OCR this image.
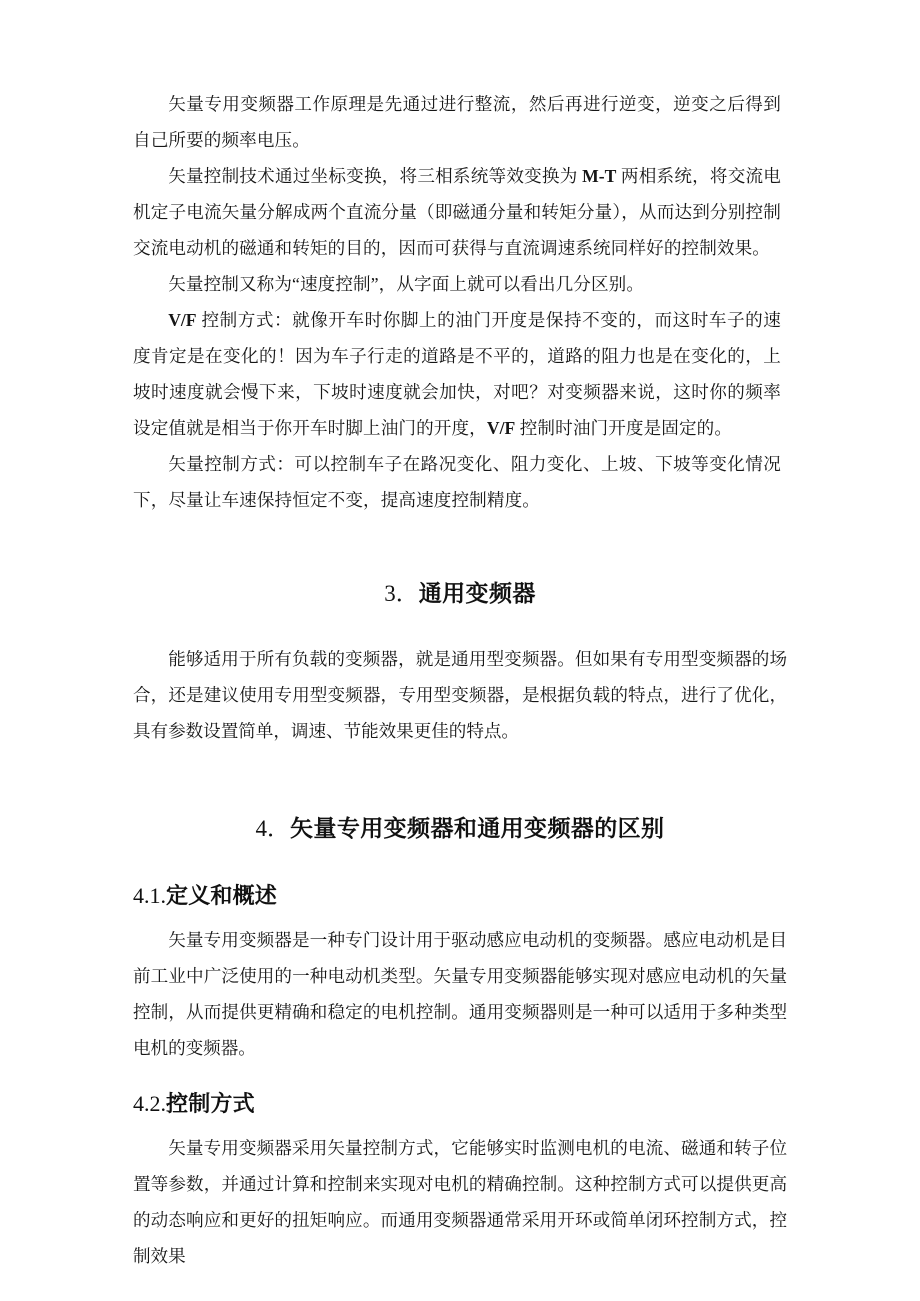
矢量专用变频器工作原理是先通过进行整流，然后再进行逆变，逆变之后得到自己所要的频率电压。

矢量控制技术通过坐标变换，将三相系统等效变换为 M-T 两相系统，将交流电机定子电流矢量分解成两个直流分量（即磁通分量和转矩分量），从而达到分别控制交流电动机的磁通和转矩的目的，因而可获得与直流调速系统同样好的控制效果。

矢量控制又称为“速度控制”，从字面上就可以看出几分区别。

V/F 控制方式：就像开车时你脚上的油门开度是保持不变的，而这时车子的速度肯定是在变化的！因为车子行走的道路是不平的，道路的阻力也是在变化的，上坡时速度就会慢下来，下坡时速度就会加快，对吧？对变频器来说，这时你的频率设定值就是相当于你开车时脚上油门的开度，V/F 控制时油门开度是固定的。

矢量控制方式：可以控制车子在路况变化、阻力变化、上坡、下坡等变化情况下，尽量让车速保持恒定不变，提高速度控制精度。

3．通用变频器

能够适用于所有负载的变频器，就是通用型变频器。但如果有专用型变频器的场合，还是建议使用专用型变频器，专用型变频器，是根据负载的特点，进行了优化，具有参数设置简单，调速、节能效果更佳的特点。

4．矢量专用变频器和通用变频器的区别
4.1.定义和概述

矢量专用变频器是一种专门设计用于驱动感应电动机的变频器。感应电动机是目前工业中广泛使用的一种电动机类型。矢量专用变频器能够实现对感应电动机的矢量控制，从而提供更精确和稳定的电机控制。通用变频器则是一种可以适用于多种类型电机的变频器。

4.2.控制方式

矢量专用变频器采用矢量控制方式，它能够实时监测电机的电流、磁通和转子位置等参数，并通过计算和控制来实现对电机的精确控制。这种控制方式可以提供更高的动态响应和更好的扭矩响应。而通用变频器通常采用开环或简单闭环控制方式，控制效果
